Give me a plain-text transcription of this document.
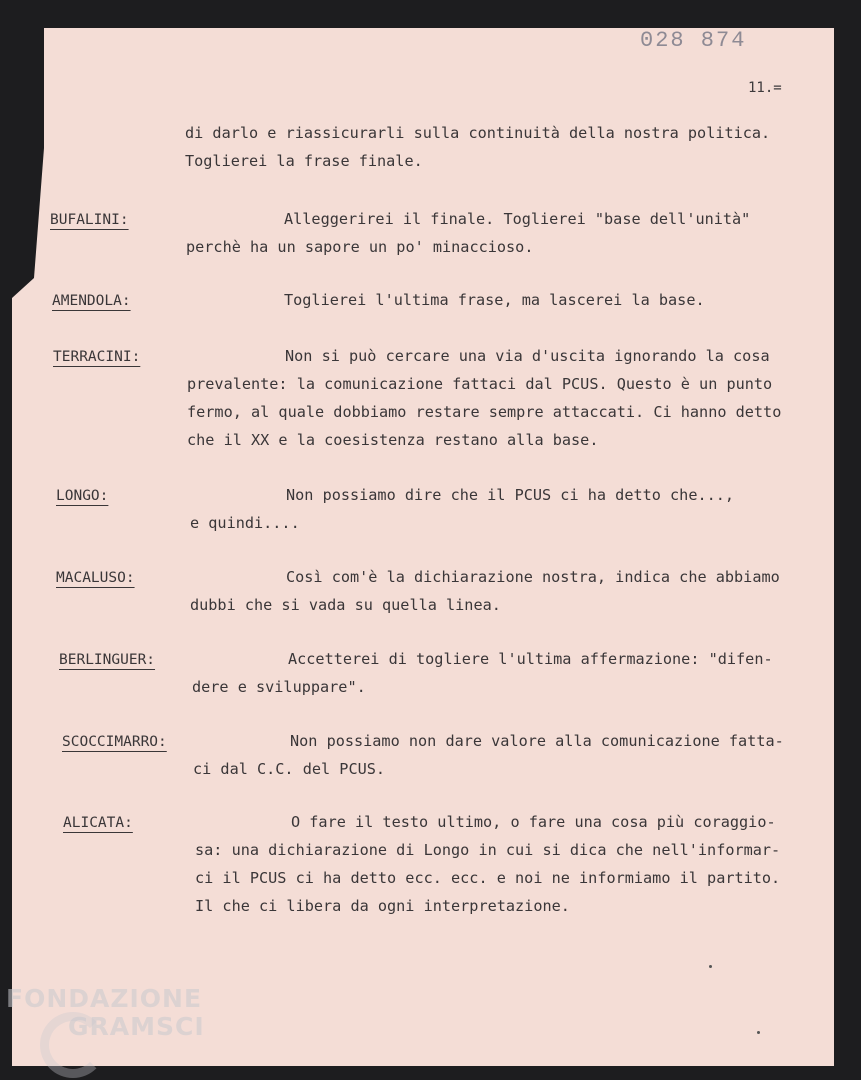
028 874
11.=
di darlo e riassicurarli sulla continuità della nostra politica.
Toglierei la frase finale.
BUFALINI:	Alleggerirei il finale. Toglierei "base dell'unità"
perchè ha un sapore un po' minaccioso.
AMENDOLA:	Toglierei l'ultima frase, ma lascerei la base.
TERRACINI:	Non si può cercare una via d'uscita ignorando la cosa
prevalente: la comunicazione fattaci dal PCUS. Questo è un punto
fermo, al quale dobbiamo restare sempre attaccati. Ci hanno detto
che il XX e la coesistenza restano alla base.
LONGO:	Non possiamo dire che il PCUS ci ha detto che...,
e quindi....
MACALUSO:	Così com'è la dichiarazione nostra, indica che abbiamo
dubbi che si vada su quella linea.
BERLINGUER:	Accetterei di togliere l'ultima affermazione: "difen-
dere e sviluppare".
SCOCCIMARRO:	Non possiamo non dare valore alla comunicazione fatta-
ci dal C.C. del PCUS.
ALICATA:	O fare il testo ultimo, o fare una cosa più coraggio-
sa: una dichiarazione di Longo in cui si dica che nell'informar-
ci il PCUS ci ha detto ecc. ecc. e noi ne informiamo il partito.
Il che ci libera da ogni interpretazione.
FONDAZIONE
GRAMSCI
